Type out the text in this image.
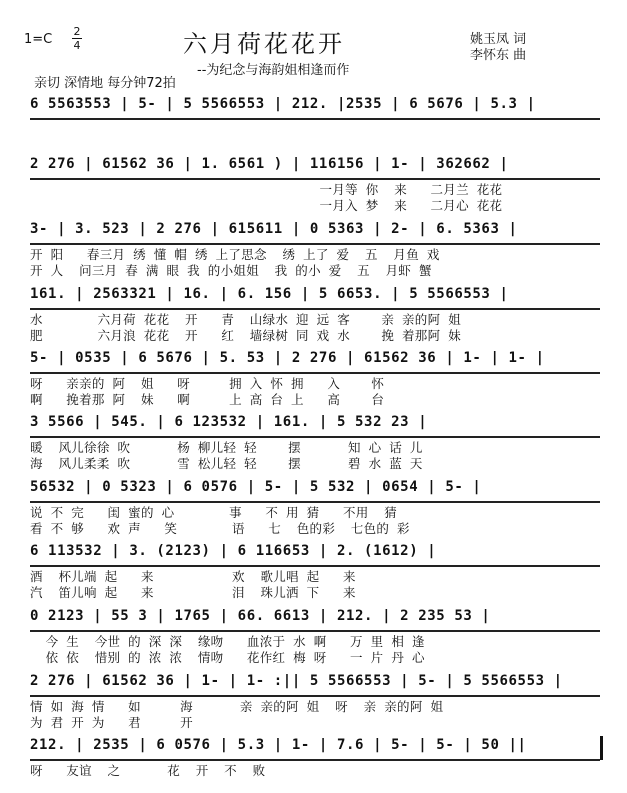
1=C
2
4	六月荷花花开	姚玉凤 词
李怀东 曲
--为纪念与海韵姐相逢而作
亲切 深情地 每分钟72拍
6 5563553 | 5- | 5 5566553 | 212. |2535 | 6 5676 | 5.3 |
2 276 | 61562 36 | 1. 6561 ) | 116156 | 1- | 362662 |
一月等 你  来   二月兰 花花
一月入 梦  来   二月心 花花
3- | 3. 523 | 2 276 | 615611 | 0 5363 | 2- | 6. 5363 |
开 阳   春三月 绣 懂 帽 绣 上了思念  绣 上了 爱  五  月鱼 戏
开 人  问三月 春 满 眼 我 的小姐姐  我 的小 爱  五  月虾 蟹
161. | 2563321 | 16. | 6. 156 | 5 6653. | 5 5566553 |
水       六月荷 花花  开   青  山绿水 迎 远 客    亲 亲的阿 姐
肥       六月浪 花花  开   红  墙绿树 同 戏 水    挽 着那阿 妹
5- | 0535 | 6 5676 | 5. 53 | 2 276 | 61562 36 | 1- | 1- |
呀   亲亲的 阿  姐   呀     拥 入 怀 拥   入    怀
啊   挽着那 阿  妹   啊     上 高 台 上   高    台
3 5566 | 545. | 6 123532 | 161. | 5 532 23 |
暖  风儿徐徐 吹      杨 柳儿轻 轻    摆      知 心 话 儿
海  风儿柔柔 吹      雪 松儿轻 轻    摆      碧 水 蓝 天
56532 | 0 5323 | 6 0576 | 5- | 5 532 | 0654 | 5- |
说 不 完   闺 蜜的 心       事   不 用 猜   不用  猜
看 不 够   欢 声   笑       语   七  色的彩  七色的 彩
6 113532 | 3. (2123) | 6 116653 | 2. (1612) |
酒  杯儿端 起   来          欢  歌儿唱 起   来
汽  笛儿响 起   来          泪  珠儿洒 下   来
0 2123 | 55 3 | 1765 | 66. 6613 | 212. | 2 235 53 |
今 生  今世 的 深 深  缘吻   血浓于 水 啊   万 里 相 逢
依 依  惜别 的 浓 浓  情吻   花作红 梅 呀   一 片 丹 心
2 276 | 61562 36 | 1- | 1- :|| 5 5566553 | 5- | 5 5566553 |
情 如 海 情   如     海      亲 亲的阿 姐  呀  亲 亲的阿 姐
为 君 开 为   君     开
212. | 2535 | 6 0576 | 5.3 | 1- | 7.6 | 5- | 5- | 50 ||
呀   友谊  之      花  开  不  败
